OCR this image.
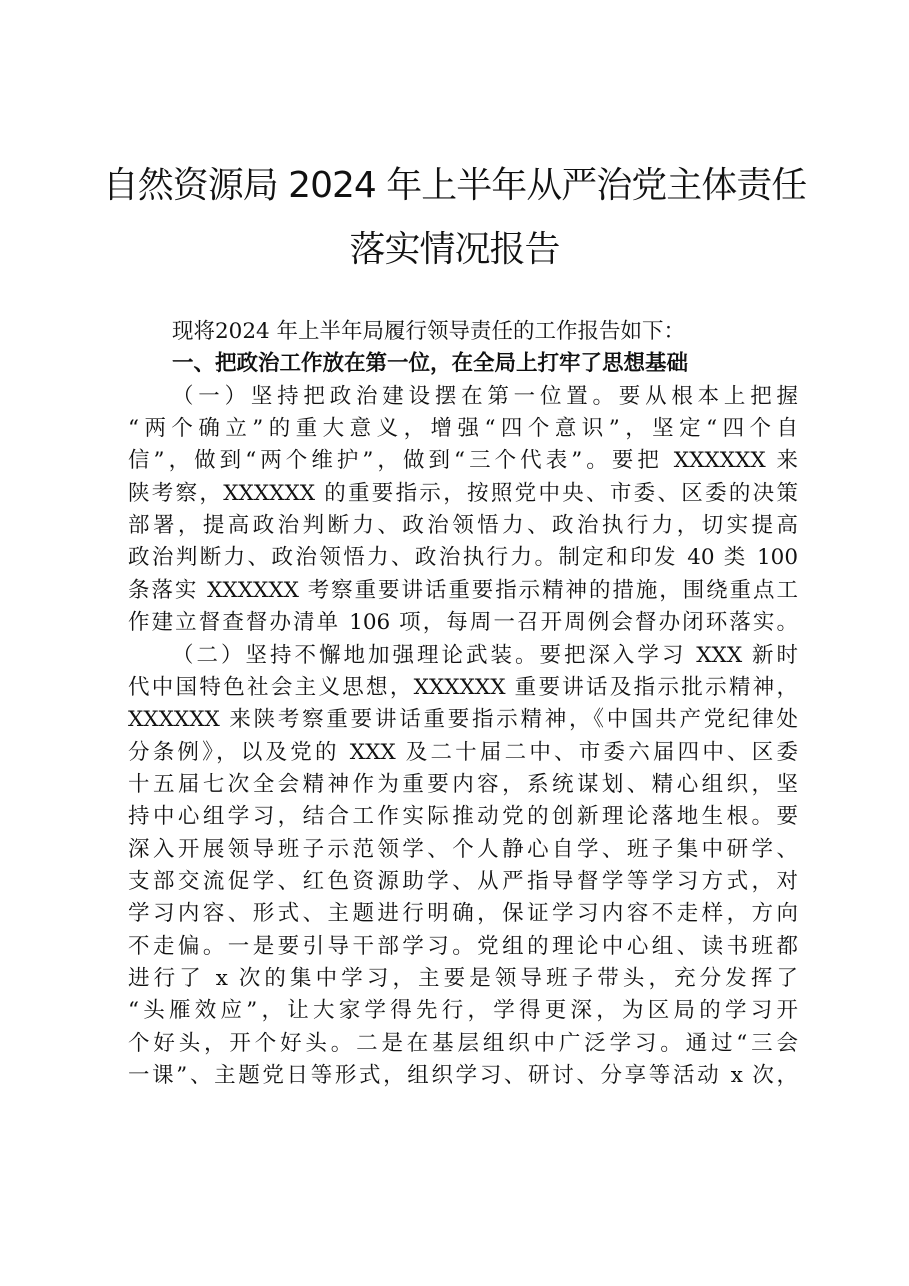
自然资源局 2024 年上半年从严治党主体责任
落实情况报告
现将2024 年上半年局履行领导责任的工作报告如下：
一、把政治工作放在第一位，在全局上打牢了思想基础
（一）坚持把政治建设摆在第一位置。要从根本上把握
“两个确立”的重大意义，增强“四个意识”，坚定“四个自
信”，做到“两个维护”，做到“三个代表”。要把 XXXXXX 来
陕考察，XXXXXX 的重要指示，按照党中央、市委、区委的决策
部署，提高政治判断力、政治领悟力、政治执行力，切实提高
政治判断力、政治领悟力、政治执行力。制定和印发 40 类 100
条落实 XXXXXX 考察重要讲话重要指示精神的措施，围绕重点工
作建立督查督办清单 106 项，每周一召开周例会督办闭环落实。
（二）坚持不懈地加强理论武装。要把深入学习 XXX 新时
代中国特色社会主义思想，XXXXXX 重要讲话及指示批示精神，
XXXXXX 来陕考察重要讲话重要指示精神，《中国共产党纪律处
分条例》，以及党的 XXX 及二十届二中、市委六届四中、区委
十五届七次全会精神作为重要内容，系统谋划、精心组织，坚
持中心组学习，结合工作实际推动党的创新理论落地生根。要
深入开展领导班子示范领学、个人静心自学、班子集中研学、
支部交流促学、红色资源助学、从严指导督学等学习方式，对
学习内容、形式、主题进行明确，保证学习内容不走样，方向
不走偏。一是要引导干部学习。党组的理论中心组、读书班都
进行了 x 次的集中学习，主要是领导班子带头，充分发挥了
“头雁效应”，让大家学得先行，学得更深，为区局的学习开
个好头，开个好头。二是在基层组织中广泛学习。通过“三会
一课”、主题党日等形式，组织学习、研讨、分享等活动 x 次，
